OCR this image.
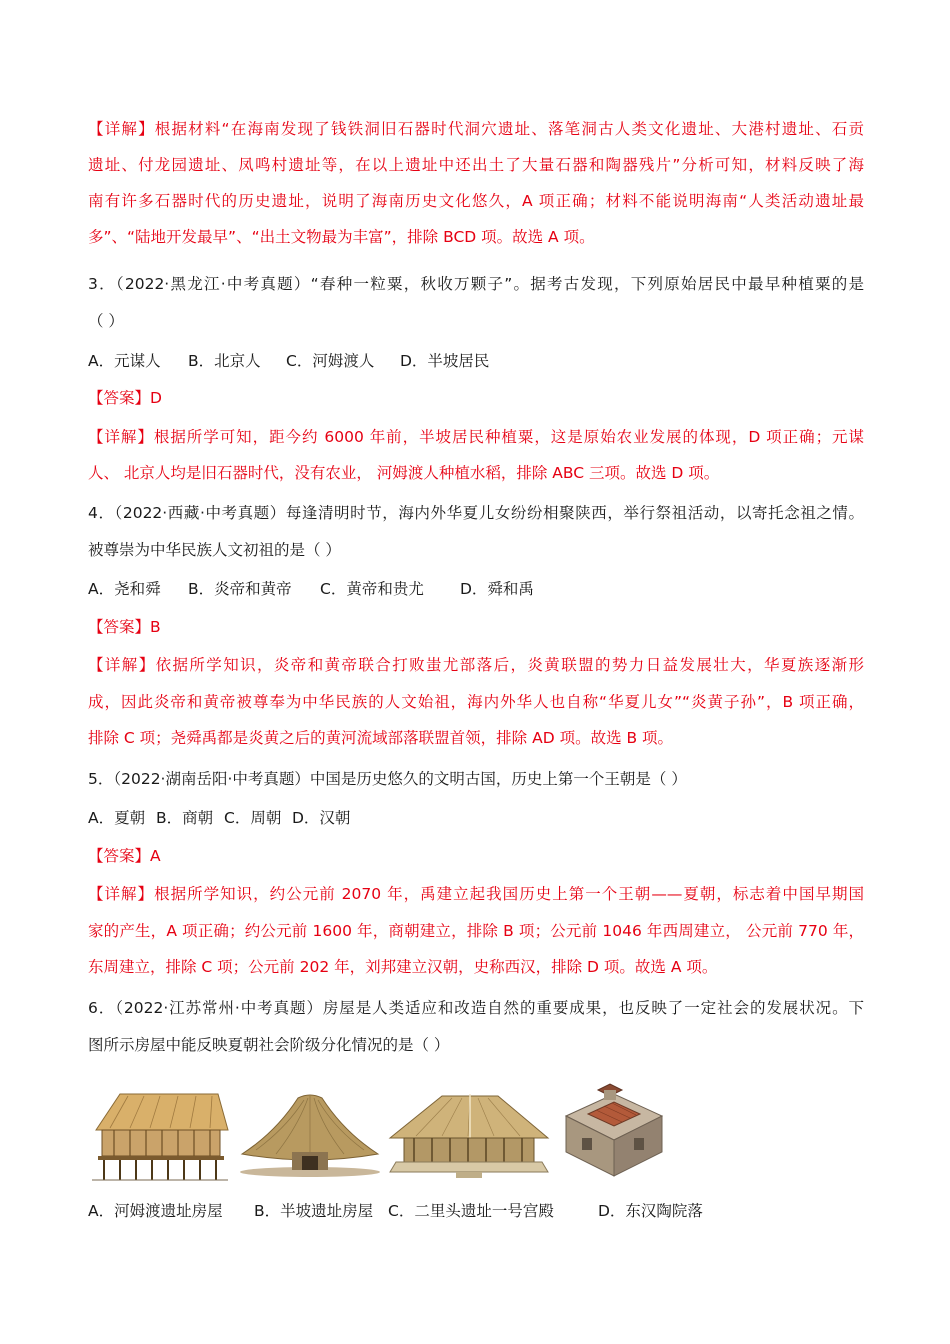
【详解】根据材料“在海南发现了钱铁洞旧石器时代洞穴遗址、落笔洞古人类文化遗址、大港村遗址、石贡
遗址、付龙园遗址、凤鸣村遗址等，在以上遗址中还出土了大量石器和陶器残片”分析可知，材料反映了海
南有许多石器时代的历史遗址，说明了海南历史文化悠久，A 项正确；材料不能说明海南“人类活动遗址最
多”、“陆地开发最早”、“出土文物最为丰富”，排除 BCD 项。故选 A 项。
3．（2022·黑龙江·中考真题）“春种一粒粟，秋收万颗子”。据考古发现，下列原始居民中最早种植粟的是
（ ）
A．元谋人 B．北京人 C．河姆渡人 D．半坡居民
【答案】D
【详解】根据所学可知，距今约 6000 年前，半坡居民种植粟，这是原始农业发展的体现，D 项正确；元谋
人、 北京人均是旧石器时代，没有农业， 河姆渡人种植水稻，排除 ABC 三项。故选 D 项。
4．（2022·西藏·中考真题）每逢清明时节，海内外华夏儿女纷纷相聚陕西，举行祭祖活动，以寄托念祖之情。
被尊崇为中华民族人文初祖的是（ ）
A．尧和舜 B．炎帝和黄帝 C．黄帝和贵尤 D．舜和禹
【答案】B
【详解】依据所学知识，炎帝和黄帝联合打败蚩尤部落后，炎黄联盟的势力日益发展壮大，华夏族逐渐形
成，因此炎帝和黄帝被尊奉为中华民族的人文始祖，海内外华人也自称“华夏儿女”“炎黄子孙”，B 项正确，
排除 C 项；尧舜禹都是炎黄之后的黄河流域部落联盟首领，排除 AD 项。故选 B 项。
5．（2022·湖南岳阳·中考真题）中国是历史悠久的文明古国，历史上第一个王朝是（ ）
A．夏朝 B．商朝 C．周朝 D．汉朝
【答案】A
【详解】根据所学知识，约公元前 2070 年，禹建立起我国历史上第一个王朝——夏朝，标志着中国早期国
家的产生，A 项正确；约公元前 1600 年，商朝建立，排除 B 项；公元前 1046 年西周建立， 公元前 770 年，
东周建立，排除 C 项；公元前 202 年，刘邦建立汉朝，史称西汉，排除 D 项。故选 A 项。
6．（2022·江苏常州·中考真题）房屋是人类适应和改造自然的重要成果，也反映了一定社会的发展状况。下
图所示房屋中能反映夏朝社会阶级分化情况的是（ ）
A．河姆渡遗址房屋 B．半坡遗址房屋 C．二里头遗址一号宫殿	D．东汉陶院落
